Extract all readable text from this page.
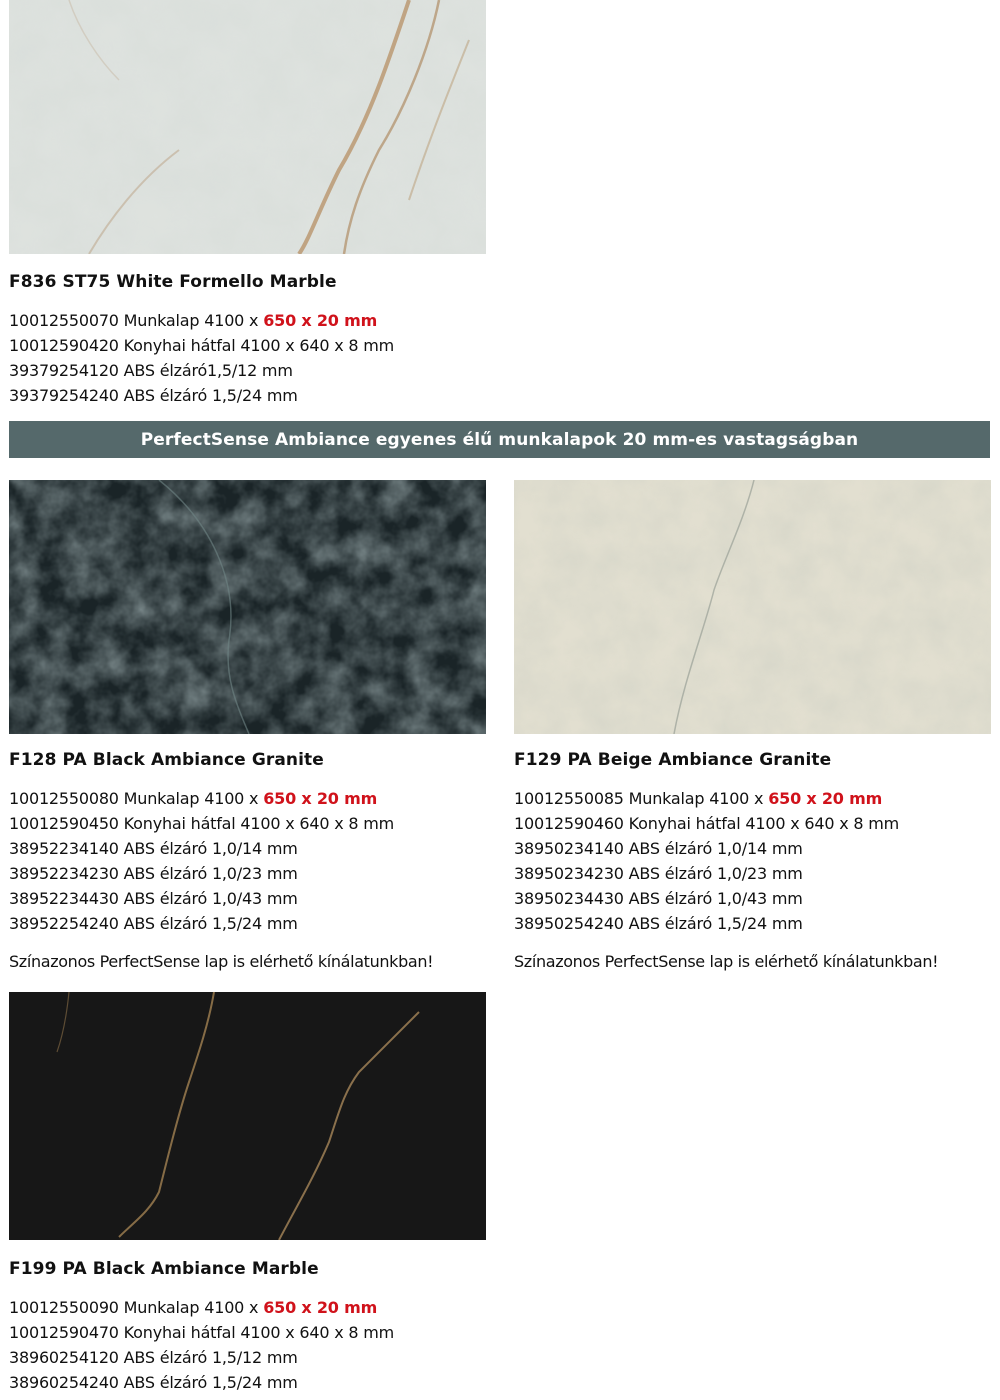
F836 ST75 White Formello Marble
10012550070 Munkalap 4100 x 650 x 20 mm
10012590420 Konyhai hátfal 4100 x 640 x 8 mm
39379254120 ABS élzáró1,5/12 mm
39379254240 ABS élzáró 1,5/24 mm
PerfectSense Ambiance egyenes élű munkalapok 20 mm-es vastagságban
F128 PA Black Ambiance Granite
10012550080 Munkalap 4100 x 650 x 20 mm
10012590450 Konyhai hátfal 4100 x 640 x 8 mm
38952234140 ABS élzáró 1,0/14 mm
38952234230 ABS élzáró 1,0/23 mm
38952234430 ABS élzáró 1,0/43 mm
38952254240 ABS élzáró 1,5/24 mm
Színazonos PerfectSense lap is elérhető kínálatunkban!
F129 PA Beige Ambiance Granite
10012550085 Munkalap 4100 x 650 x 20 mm
10012590460 Konyhai hátfal 4100 x 640 x 8 mm
38950234140 ABS élzáró 1,0/14 mm
38950234230 ABS élzáró 1,0/23 mm
38950234430 ABS élzáró 1,0/43 mm
38950254240 ABS élzáró 1,5/24 mm
Színazonos PerfectSense lap is elérhető kínálatunkban!
F199 PA Black Ambiance Marble
10012550090 Munkalap 4100 x 650 x 20 mm
10012590470 Konyhai hátfal 4100 x 640 x 8 mm
38960254120 ABS élzáró 1,5/12 mm
38960254240 ABS élzáró 1,5/24 mm
